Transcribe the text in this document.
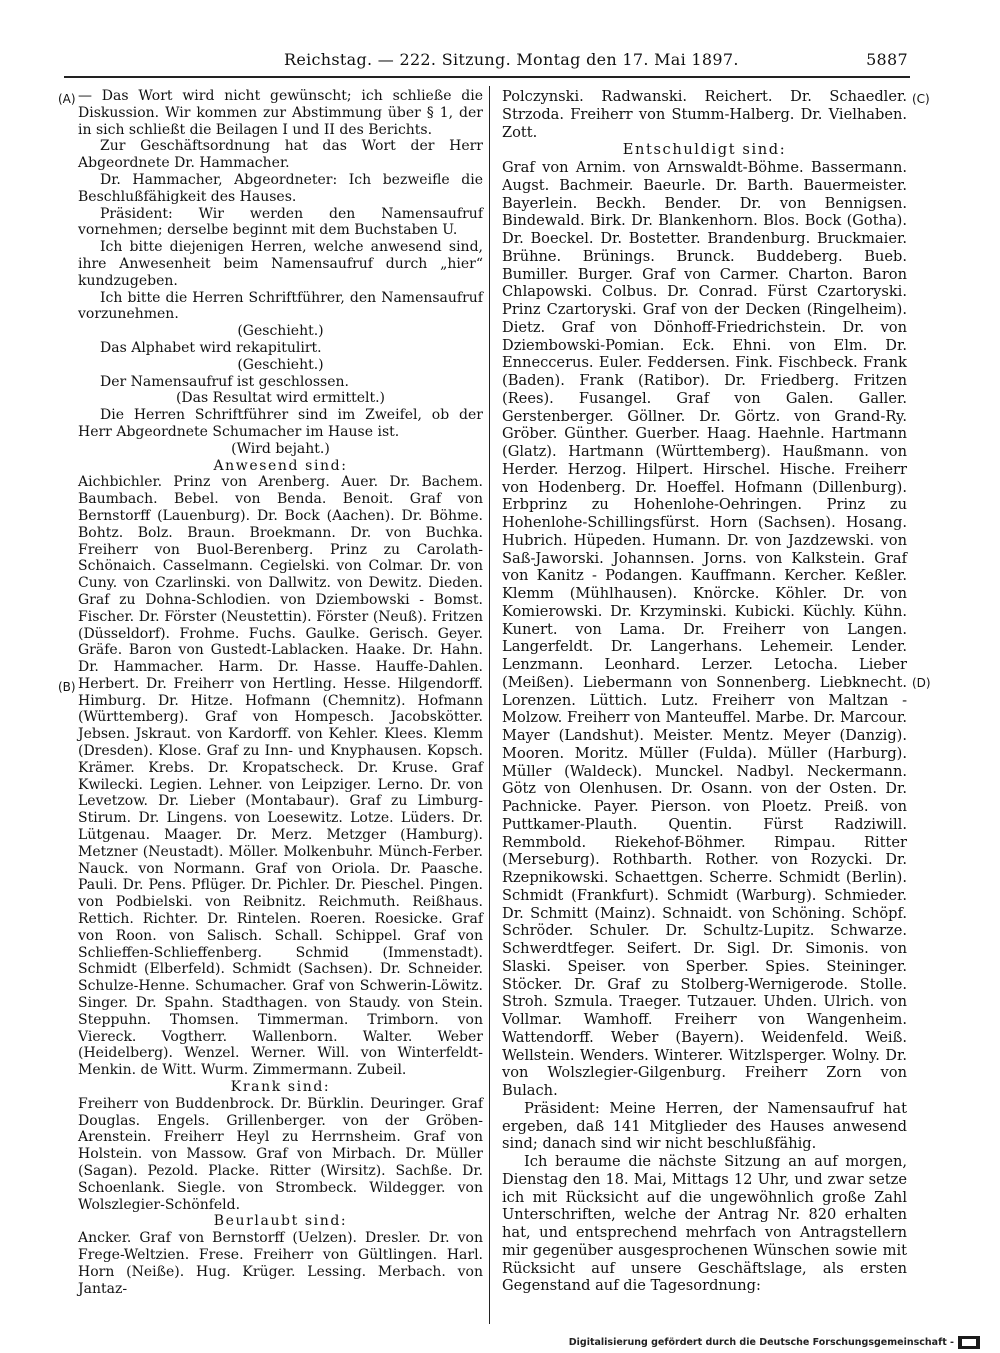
Reichstag. — 222. Sitzung. Montag den 17. Mai 1897.	5887
(A)
(B)
(C)
(D)

— Das Wort wird nicht gewünscht; ich schließe die Diskussion. Wir kommen zur Abstimmung über § 1, der in sich schließt die Beilagen I und II des Berichts.

Zur Geschäftsordnung hat das Wort der Herr Abgeordnete Dr. Hammacher.

Dr. Hammacher, Abgeordneter: Ich bezweifle die Beschlußfähigkeit des Hauses.

Präsident: Wir werden den Namensaufruf vornehmen; derselbe beginnt mit dem Buchstaben U.

Ich bitte diejenigen Herren, welche anwesend sind, ihre Anwesenheit beim Namensaufruf durch „hier“ kundzugeben.

Ich bitte die Herren Schriftführer, den Namensaufruf vorzunehmen.

(Geschieht.)

Das Alphabet wird rekapitulirt.

(Geschieht.)

Der Namensaufruf ist geschlossen.

(Das Resultat wird ermittelt.)

Die Herren Schriftführer sind im Zweifel, ob der Herr Abgeordnete Schumacher im Hause ist.

(Wird bejaht.)

Anwesend sind:

Aichbichler. Prinz von Arenberg. Auer. Dr. Bachem. Baumbach. Bebel. von Benda. Benoit. Graf von Bernstorff (Lauenburg). Dr. Bock (Aachen). Dr. Böhme. Bohtz. Bolz. Braun. Broekmann. Dr. von Buchka. Freiherr von Buol-Berenberg. Prinz zu Carolath-Schönaich. Casselmann. Cegielski. von Colmar. Dr. von Cuny. von Czarlinski. von Dallwitz. von Dewitz. Dieden. Graf zu Dohna-Schlodien. von Dziembowski - Bomst. Fischer. Dr. Förster (Neustettin). Förster (Neuß). Fritzen (Düsseldorf). Frohme. Fuchs. Gaulke. Gerisch. Geyer. Gräfe. Baron von Gustedt-Lablacken. Haake. Dr. Hahn. Dr. Hammacher. Harm. Dr. Hasse. Hauffe-Dahlen. Herbert. Dr. Freiherr von Hertling. Hesse. Hilgendorff. Himburg. Dr. Hitze. Hofmann (Chemnitz). Hofmann (Württemberg). Graf von Hompesch. Jacobskötter. Jebsen. Jskraut. von Kardorff. von Kehler. Klees. Klemm (Dresden). Klose. Graf zu Inn- und Knyphausen. Kopsch. Krämer. Krebs. Dr. Kropatscheck. Dr. Kruse. Graf Kwilecki. Legien. Lehner. von Leipziger. Lerno. Dr. von Levetzow. Dr. Lieber (Montabaur). Graf zu Limburg-Stirum. Dr. Lingens. von Loesewitz. Lotze. Lüders. Dr. Lütgenau. Maager. Dr. Merz. Metzger (Hamburg). Metzner (Neustadt). Möller. Molkenbuhr. Münch-Ferber. Nauck. von Normann. Graf von Oriola. Dr. Paasche. Pauli. Dr. Pens. Pflüger. Dr. Pichler. Dr. Pieschel. Pingen. von Podbielski. von Reibnitz. Reichmuth. Reißhaus. Rettich. Richter. Dr. Rintelen. Roeren. Roesicke. Graf von Roon. von Salisch. Schall. Schippel. Graf von Schlieffen-Schlieffenberg. Schmid (Immenstadt). Schmidt (Elberfeld). Schmidt (Sachsen). Dr. Schneider. Schulze-Henne. Schumacher. Graf von Schwerin-Löwitz. Singer. Dr. Spahn. Stadthagen. von Staudy. von Stein. Steppuhn. Thomsen. Timmerman. Trimborn. von Viereck. Vogtherr. Wallenborn. Walter. Weber (Heidelberg). Wenzel. Werner. Will. von Winterfeldt-Menkin. de Witt. Wurm. Zimmermann. Zubeil.

Krank sind:

Freiherr von Buddenbrock. Dr. Bürklin. Deuringer. Graf Douglas. Engels. Grillenberger. von der Gröben-Arenstein. Freiherr Heyl zu Herrnsheim. Graf von Holstein. von Massow. Graf von Mirbach. Dr. Müller (Sagan). Pezold. Placke. Ritter (Wirsitz). Sachße. Dr. Schoenlank. Siegle. von Strombeck. Wildegger. von Wolszlegier-Schönfeld.

Beurlaubt sind:

Ancker. Graf von Bernstorff (Uelzen). Dresler. Dr. von Frege-Weltzien. Frese. Freiherr von Gültlingen. Harl. Horn (Neiße). Hug. Krüger. Lessing. Merbach. von Jantaz-

Polczynski. Radwanski. Reichert. Dr. Schaedler. Strzoda. Freiherr von Stumm-Halberg. Dr. Vielhaben. Zott.

Entschuldigt sind:

Graf von Arnim. von Arnswaldt-Böhme. Bassermann. Augst. Bachmeir. Baeurle. Dr. Barth. Bauermeister. Bayerlein. Beckh. Bender. Dr. von Bennigsen. Bindewald. Birk. Dr. Blankenhorn. Blos. Bock (Gotha). Dr. Boeckel. Dr. Bostetter. Brandenburg. Bruckmaier. Brühne. Brünings. Brunck. Buddeberg. Bueb. Bumiller. Burger. Graf von Carmer. Charton. Baron Chlapowski. Colbus. Dr. Conrad. Fürst Czartoryski. Prinz Czartoryski. Graf von der Decken (Ringelheim). Dietz. Graf von Dönhoff-Friedrichstein. Dr. von Dziembowski-Pomian. Eck. Ehni. von Elm. Dr. Enneccerus. Euler. Feddersen. Fink. Fischbeck. Frank (Baden). Frank (Ratibor). Dr. Friedberg. Fritzen (Rees). Fusangel. Graf von Galen. Galler. Gerstenberger. Göllner. Dr. Görtz. von Grand-Ry. Gröber. Günther. Guerber. Haag. Haehnle. Hartmann (Glatz). Hartmann (Württemberg). Haußmann. von Herder. Herzog. Hilpert. Hirschel. Hische. Freiherr von Hodenberg. Dr. Hoeffel. Hofmann (Dillenburg). Erbprinz zu Hohenlohe-Oehringen. Prinz zu Hohenlohe-Schillingsfürst. Horn (Sachsen). Hosang. Hubrich. Hüpeden. Humann. Dr. von Jazdzewski. von Saß-Jaworski. Johannsen. Jorns. von Kalkstein. Graf von Kanitz - Podangen. Kauffmann. Kercher. Keßler. Klemm (Mühlhausen). Knörcke. Köhler. Dr. von Komierowski. Dr. Krzyminski. Kubicki. Küchly. Kühn. Kunert. von Lama. Dr. Freiherr von Langen. Langerfeldt. Dr. Langerhans. Lehemeir. Lender. Lenzmann. Leonhard. Lerzer. Letocha. Lieber (Meißen). Liebermann von Sonnenberg. Liebknecht. Lorenzen. Lüttich. Lutz. Freiherr von Maltzan - Molzow. Freiherr von Manteuffel. Marbe. Dr. Marcour. Mayer (Landshut). Meister. Mentz. Meyer (Danzig). Mooren. Moritz. Müller (Fulda). Müller (Harburg). Müller (Waldeck). Munckel. Nadbyl. Neckermann. Götz von Olenhusen. Dr. Osann. von der Osten. Dr. Pachnicke. Payer. Pierson. von Ploetz. Preiß. von Puttkamer-Plauth. Quentin. Fürst Radziwill. Remmbold. Riekehof-Böhmer. Rimpau. Ritter (Merseburg). Rothbarth. Rother. von Rozycki. Dr. Rzepnikowski. Schaettgen. Scherre. Schmidt (Berlin). Schmidt (Frankfurt). Schmidt (Warburg). Schmieder. Dr. Schmitt (Mainz). Schnaidt. von Schöning. Schöpf. Schröder. Schuler. Dr. Schultz-Lupitz. Schwarze. Schwerdtfeger. Seifert. Dr. Sigl. Dr. Simonis. von Slaski. Speiser. von Sperber. Spies. Steininger. Stöcker. Dr. Graf zu Stolberg-Wernigerode. Stolle. Stroh. Szmula. Traeger. Tutzauer. Uhden. Ulrich. von Vollmar. Wamhoff. Freiherr von Wangenheim. Wattendorff. Weber (Bayern). Weidenfeld. Weiß. Wellstein. Wenders. Winterer. Witzlsperger. Wolny. Dr. von Wolszlegier-Gilgenburg. Freiherr Zorn von Bulach.

Präsident: Meine Herren, der Namensaufruf hat ergeben, daß 141 Mitglieder des Hauses anwesend sind; danach sind wir nicht beschlußfähig.

Ich beraume die nächste Sitzung an auf morgen, Dienstag den 18. Mai, Mittags 12 Uhr, und zwar setze ich mit Rücksicht auf die ungewöhnlich große Zahl Unterschriften, welche der Antrag Nr. 820 erhalten hat, und entsprechend mehrfach von Antragstellern mir gegenüber ausgesprochenen Wünschen sowie mit Rücksicht auf unsere Geschäftslage, als ersten Gegenstand auf die Tagesordnung:

Digitalisierung gefördert durch die Deutsche Forschungsgemeinschaft -
